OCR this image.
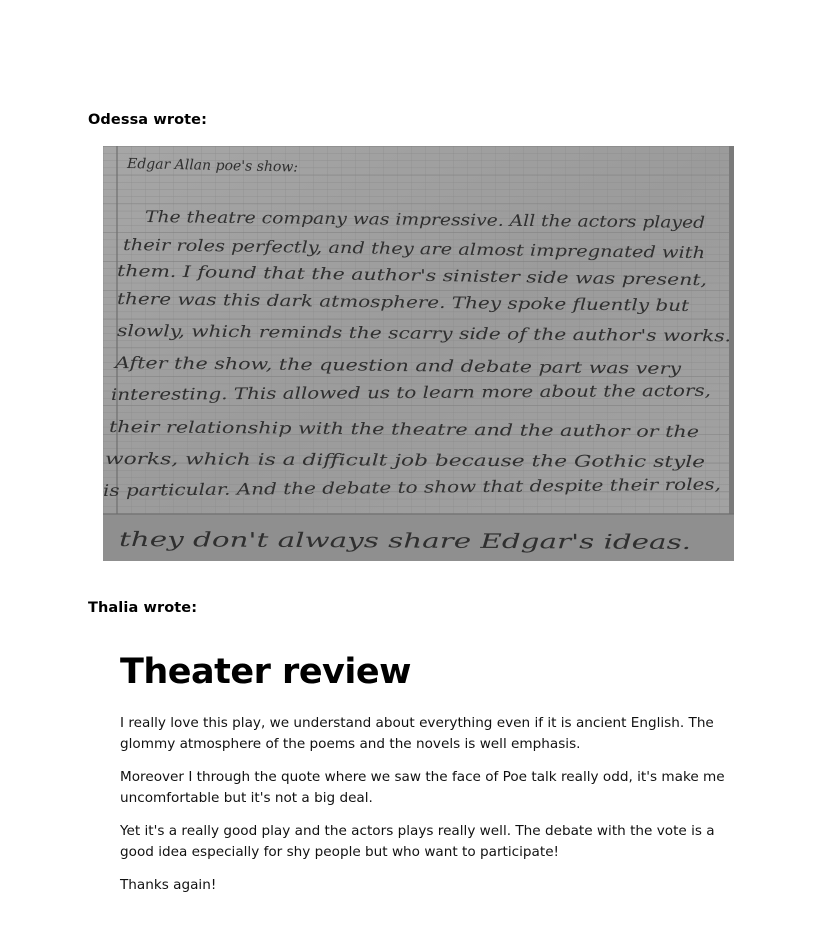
Odessa wrote:
Edgar Allan poe's show:
The theatre company was impressive. All the actors played
their roles perfectly, and they are almost impregnated with
them. I found that the author's sinister side was present,
there was this dark atmosphere. They spoke fluently but
slowly, which reminds the scarry side of the author's works.
After the show, the question and debate part was very
interesting. This allowed us to learn more about the actors,
their relationship with the theatre and the author or the
works, which is a difficult job because the Gothic style
is particular. And the debate to show that despite their roles,
they don't always share Edgar's ideas.
Thalia wrote:
Theater review

I really love this play, we understand about everything even if it is ancient English. The glommy atmosphere of the poems and the novels is well emphasis.

Moreover I through the quote where we saw the face of Poe talk really odd, it's make me uncomfortable but it's not a big deal.

Yet it's a really good play and the actors plays really well. The debate with the vote is a good idea especially for shy people but who want to participate!

Thanks again!
